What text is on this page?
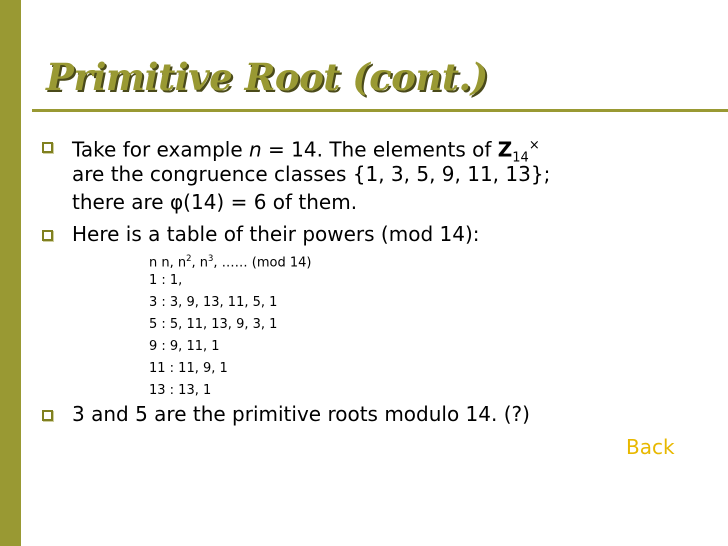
Primitive Root (cont.)
Take for example n = 14. The elements of $Z_{14}^\times$
are the congruence classes {1, 3, 5, 9, 11, 13};
there are φ(14) = 6 of them.
Here is a table of their powers (mod 14):
n n, $n^2$, $n^3$, …… (mod 14)
1 : 1,
3 : 3, 9, 13, 11, 5, 1
5 : 5, 11, 13, 9, 3, 1
9 : 9, 11, 1
11 : 11, 9, 1
13 : 13, 1
3 and 5 are the primitive roots modulo 14. (?)
Back
